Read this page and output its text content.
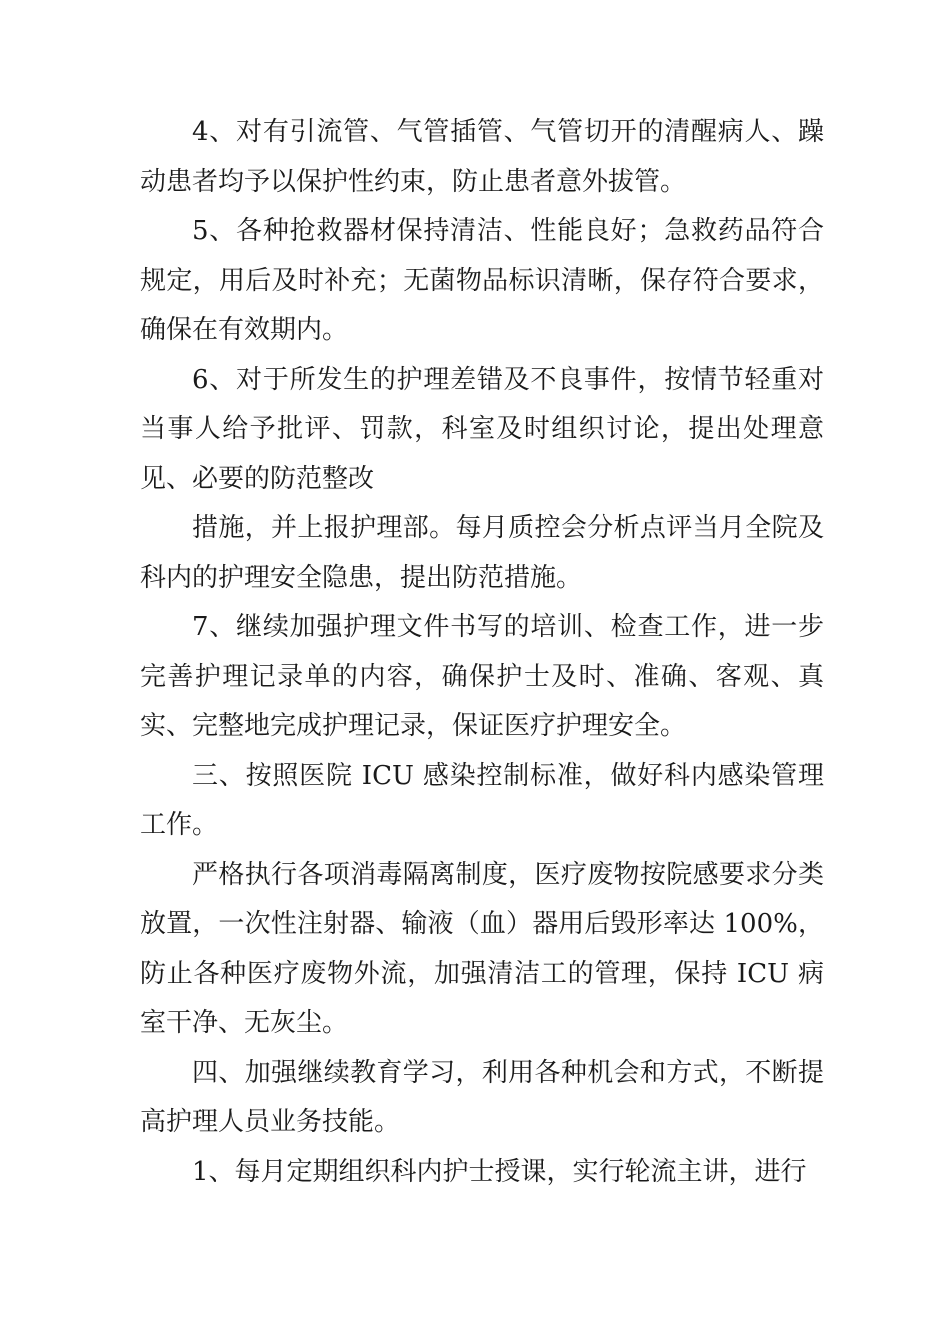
4、对有引流管、气管插管、气管切开的清醒病人、躁动患者均予以保护性约束，防止患者意外拔管。

5、各种抢救器材保持清洁、性能良好；急救药品符合规定，用后及时补充；无菌物品标识清晰，保存符合要求，确保在有效期内。

6、对于所发生的护理差错及不良事件，按情节轻重对当事人给予批评、罚款，科室及时组织讨论，提出处理意见、必要的防范整改

措施，并上报护理部。每月质控会分析点评当月全院及科内的护理安全隐患，提出防范措施。

7、继续加强护理文件书写的培训、检查工作，进一步完善护理记录单的内容，确保护士及时、准确、客观、真实、完整地完成护理记录，保证医疗护理安全。

三、按照医院 ICU 感染控制标准，做好科内感染管理工作。

严格执行各项消毒隔离制度，医疗废物按院感要求分类放置，一次性注射器、输液（血）器用后毁形率达 100%，防止各种医疗废物外流，加强清洁工的管理，保持 ICU 病室干净、无灰尘。

四、加强继续教育学习，利用各种机会和方式，不断提高护理人员业务技能。

1、每月定期组织科内护士授课，实行轮流主讲，进行
